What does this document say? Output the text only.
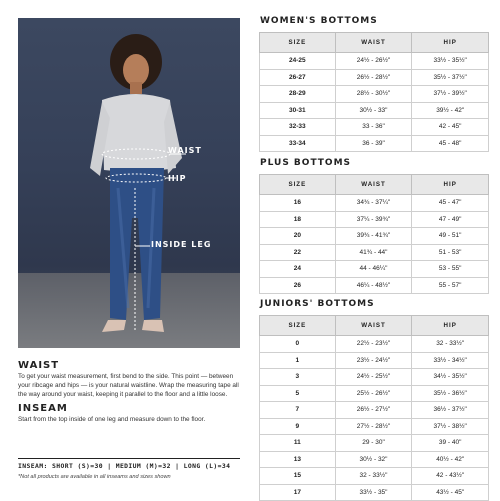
WAIST
HIP
INSIDE LEG
WAIST

To get your waist measurement, first bend to the side. This point — between your ribcage and hips — is your natural waistline. Wrap the measuring tape all the way around your waist, keeping it parallel to the floor and a little loose.

INSEAM

Start from the top inside of one leg and measure down to the floor.

INSEAM: SHORT (S)=30 | MEDIUM (M)=32 | LONG (L)=34
*Not all products are available in all inseams and sizes shown
WOMEN'S BOTTOMS
SIZE	WAIST	HIP
24-25	24½ - 26½"	33½ - 35½"
26-27	26½ - 28½"	35½ - 37½"
28-29	28½ - 30½"	37½ - 39½"
30-31	30½ - 33"	39½ - 42"
32-33	33 - 36"	42 - 45"
33-34	36 - 39"	45 - 48"
PLUS BOTTOMS
SIZE	WAIST	HIP
16	34¾ - 37¼"	45 - 47"
18	37¼ - 39¾"	47 - 49"
20	39¾ - 41¾"	49 - 51"
22	41¾ - 44"	51 - 53"
24	44 - 46¼"	53 - 55"
26	46¼ - 48½"	55 - 57"
JUNIORS' BOTTOMS
SIZE	WAIST	HIP
0	22½ - 23½"	32 - 33½"
1	23½ - 24½"	33½ - 34½"
3	24½ - 25½"	34½ - 35½"
5	25½ - 26½"	35½ - 36½"
7	26½ - 27½"	36½ - 37½"
9	27½ - 28½"	37½ - 38½"
11	29 - 30"	39 - 40"
13	30½ - 32"	40½ - 42"
15	32 - 33½"	42 - 43½"
17	33½ - 35"	43½ - 45"
